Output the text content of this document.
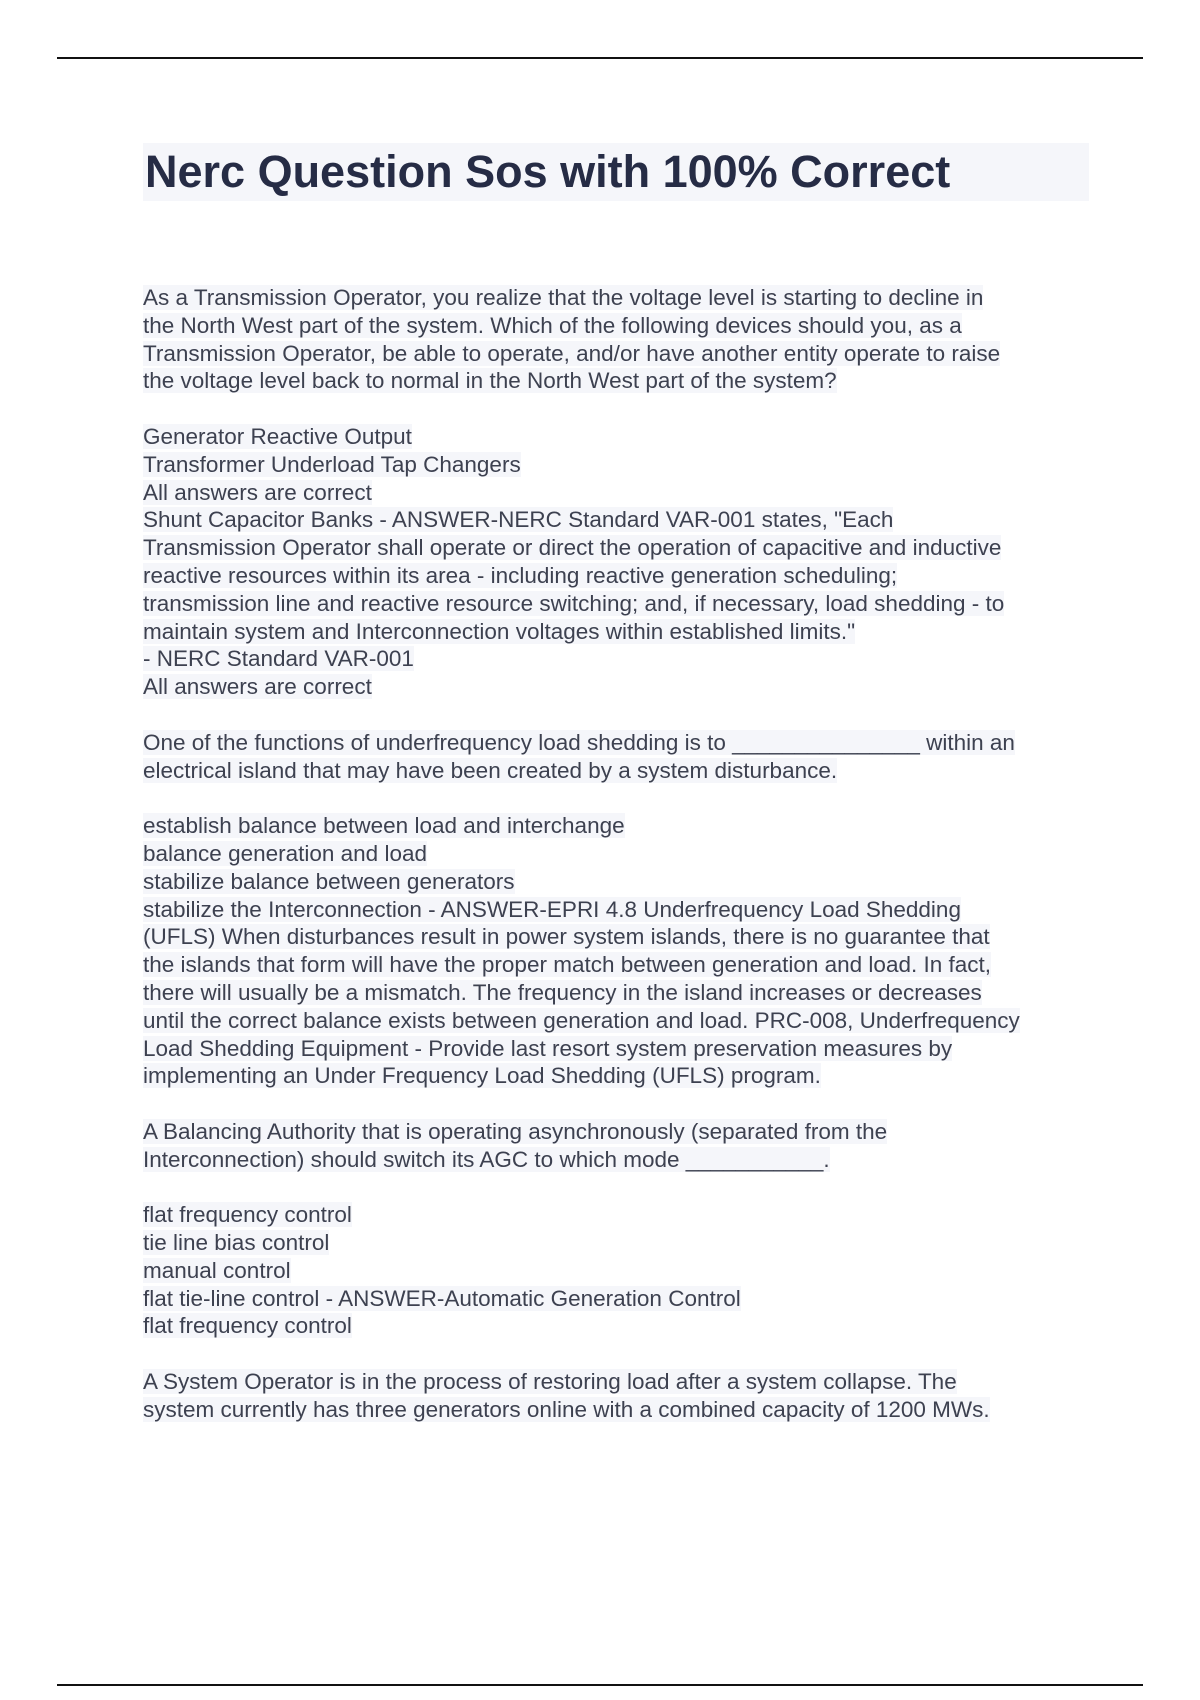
Nerc Question Sos with 100% Correct
As a Transmission Operator, you realize that the voltage level is starting to decline in
the North West part of the system. Which of the following devices should you, as a
Transmission Operator, be able to operate, and/or have another entity operate to raise
the voltage level back to normal in the North West part of the system?
Generator Reactive Output
Transformer Underload Tap Changers
All answers are correct
Shunt Capacitor Banks - ANSWER-NERC Standard VAR-001 states, "Each
Transmission Operator shall operate or direct the operation of capacitive and inductive
reactive resources within its area - including reactive generation scheduling;
transmission line and reactive resource switching; and, if necessary, load shedding - to
maintain system and Interconnection voltages within established limits."
- NERC Standard VAR-001
All answers are correct
One of the functions of underfrequency load shedding is to _______________ within an
electrical island that may have been created by a system disturbance.
establish balance between load and interchange
balance generation and load
stabilize balance between generators
stabilize the Interconnection - ANSWER-EPRI 4.8 Underfrequency Load Shedding
(UFLS) When disturbances result in power system islands, there is no guarantee that
the islands that form will have the proper match between generation and load. In fact,
there will usually be a mismatch. The frequency in the island increases or decreases
until the correct balance exists between generation and load. PRC-008, Underfrequency
Load Shedding Equipment - Provide last resort system preservation measures by
implementing an Under Frequency Load Shedding (UFLS) program.
A Balancing Authority that is operating asynchronously (separated from the
Interconnection) should switch its AGC to which mode ___________.
flat frequency control
tie line bias control
manual control
flat tie-line control - ANSWER-Automatic Generation Control
flat frequency control
A System Operator is in the process of restoring load after a system collapse. The
system currently has three generators online with a combined capacity of 1200 MWs.
